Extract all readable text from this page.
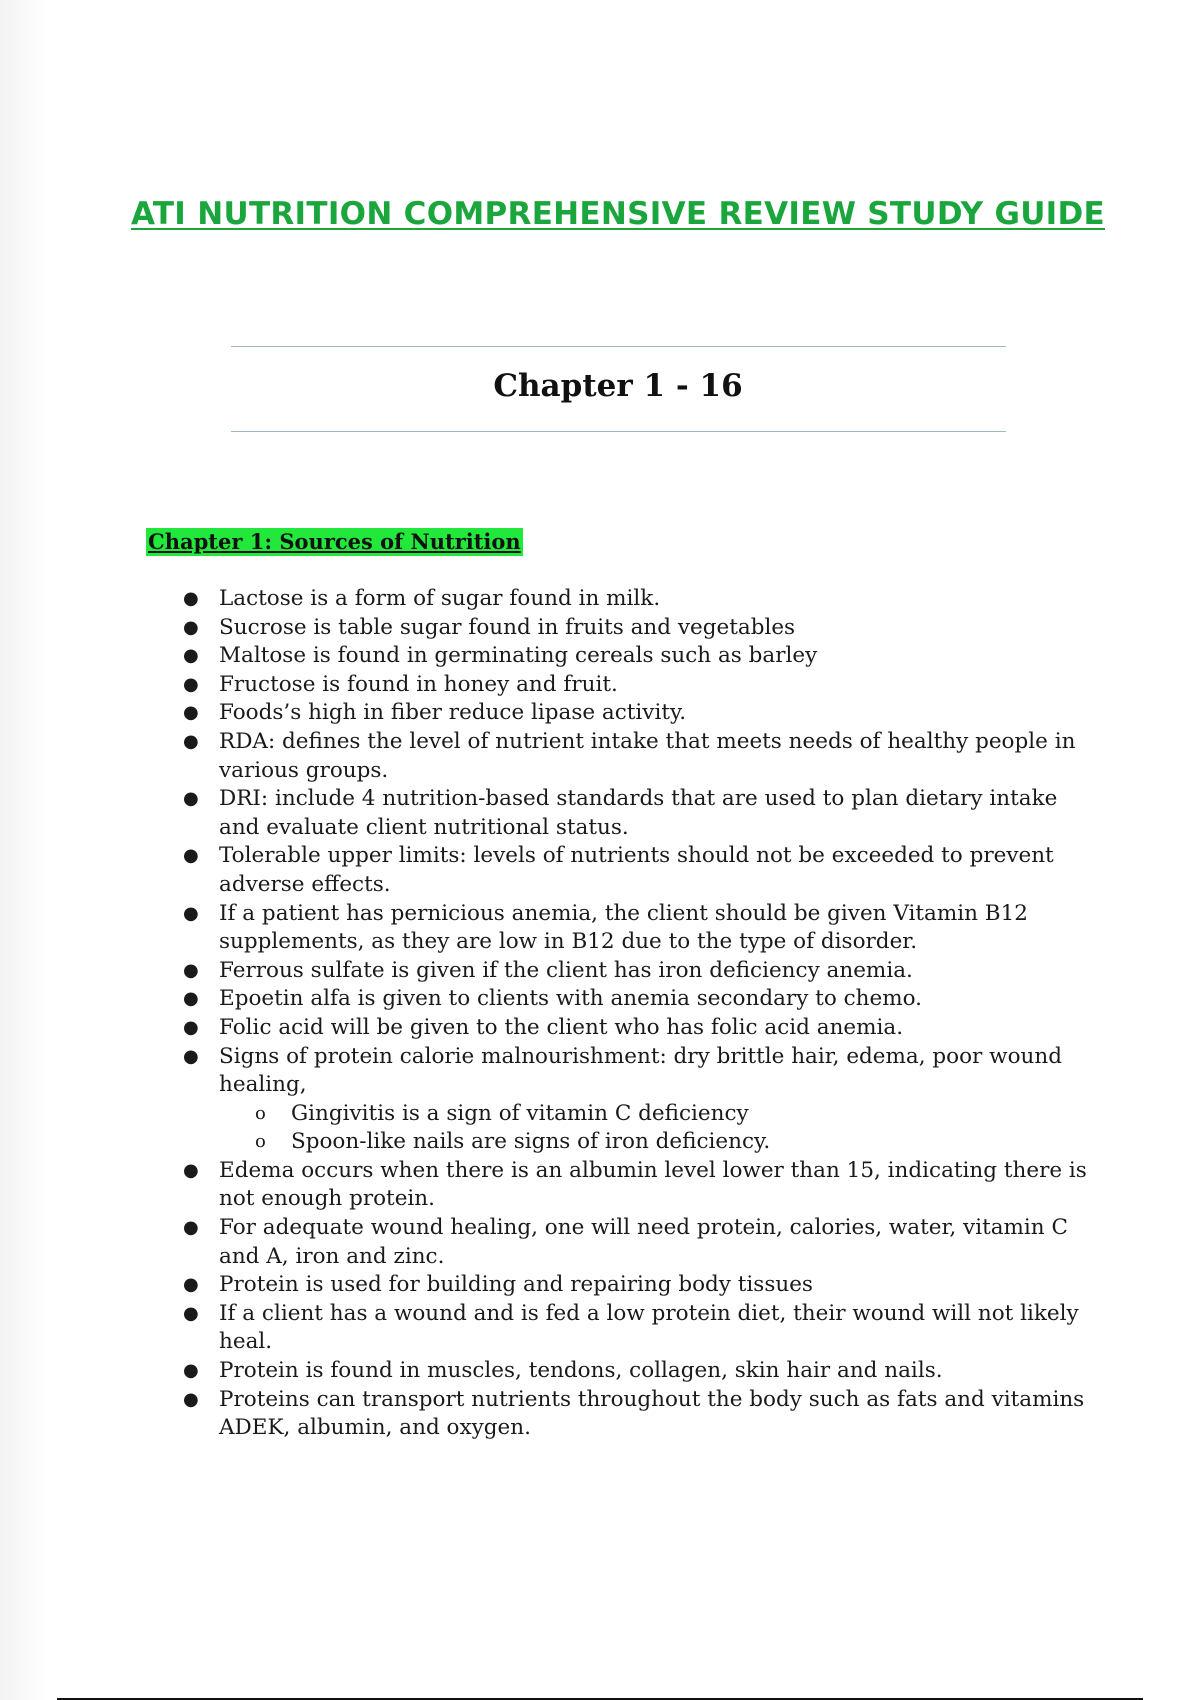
ATI NUTRITION COMPREHENSIVE REVIEW STUDY GUIDE
Chapter 1 - 16
Chapter 1: Sources of Nutrition
● Lactose is a form of sugar found in milk.
● Sucrose is table sugar found in fruits and vegetables
● Maltose is found in germinating cereals such as barley
● Fructose is found in honey and fruit.
● Foods’s high in fiber reduce lipase activity.
● RDA: defines the level of nutrient intake that meets needs of healthy people in various groups.
● DRI: include 4 nutrition-based standards that are used to plan dietary intake and evaluate client nutritional status.
● Tolerable upper limits: levels of nutrients should not be exceeded to prevent adverse effects.
● If a patient has pernicious anemia, the client should be given Vitamin B12 supplements, as they are low in B12 due to the type of disorder.
● Ferrous sulfate is given if the client has iron deficiency anemia.
● Epoetin alfa is given to clients with anemia secondary to chemo.
● Folic acid will be given to the client who has folic acid anemia.
● Signs of protein calorie malnourishment: dry brittle hair, edema, poor wound healing,
o Gingivitis is a sign of vitamin C deficiency
o Spoon-like nails are signs of iron deficiency.
● Edema occurs when there is an albumin level lower than 15, indicating there is not enough protein.
● For adequate wound healing, one will need protein, calories, water, vitamin C and A, iron and zinc.
● Protein is used for building and repairing body tissues
● If a client has a wound and is fed a low protein diet, their wound will not likely heal.
● Protein is found in muscles, tendons, collagen, skin hair and nails.
● Proteins can transport nutrients throughout the body such as fats and vitamins ADEK, albumin, and oxygen.
